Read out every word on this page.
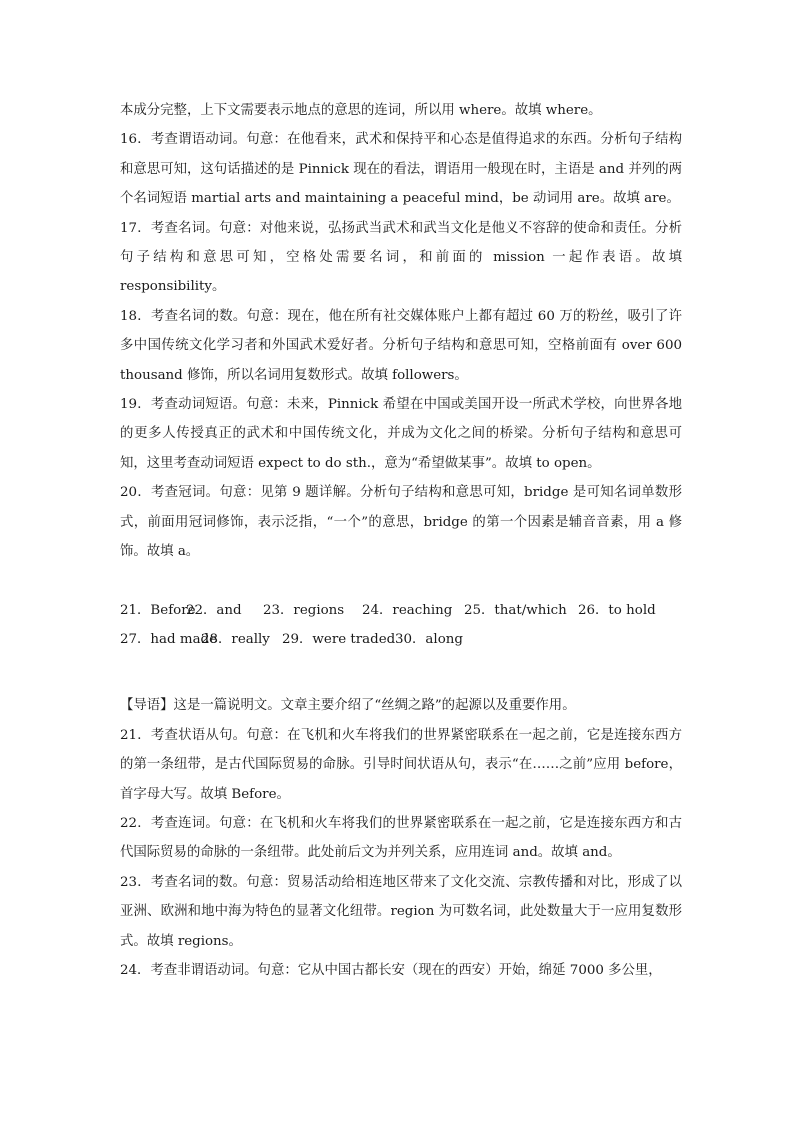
本成分完整，上下文需要表示地点的意思的连词，所以用 where。故填 where。

16．考查谓语动词。句意：在他看来，武术和保持平和心态是值得追求的东西。分析句子结构和意思可知，这句话描述的是 Pinnick 现在的看法，谓语用一般现在时，主语是 and 并列的两个名词短语 martial arts and maintaining a peaceful mind，be 动词用 are。故填 are。

17．考查名词。句意：对他来说，弘扬武当武术和武当文化是他义不容辞的使命和责任。分析句子结构和意思可知，空格处需要名词，和前面的 mission 一起作表语。故填 responsibility。

18．考查名词的数。句意：现在，他在所有社交媒体账户上都有超过 60 万的粉丝，吸引了许多中国传统文化学习者和外国武术爱好者。分析句子结构和意思可知，空格前面有 over 600 thousand 修饰，所以名词用复数形式。故填 followers。

19．考查动词短语。句意：未来，Pinnick 希望在中国或美国开设一所武术学校，向世界各地的更多人传授真正的武术和中国传统文化，并成为文化之间的桥梁。分析句子结构和意思可知，这里考查动词短语 expect to do sth.，意为“希望做某事”。故填 to open。

20．考查冠词。句意：见第 9 题详解。分析句子结构和意思可知，bridge 是可知名词单数形式，前面用冠词修饰，表示泛指，“一个”的意思，bridge 的第一个因素是辅音音素，用 a 修饰。故填 a。

21．Before
22．and	23．regions	24．reaching 25．that/which 26．to hold
27．had made
28．really 29．were traded 30．along

【导语】这是一篇说明文。文章主要介绍了“丝绸之路”的起源以及重要作用。

21．考查状语从句。句意：在飞机和火车将我们的世界紧密联系在一起之前，它是连接东西方的第一条纽带，是古代国际贸易的命脉。引导时间状语从句，表示“在……之前”应用 before，首字母大写。故填 Before。

22．考查连词。句意：在飞机和火车将我们的世界紧密联系在一起之前，它是连接东西方和古代国际贸易的命脉的一条纽带。此处前后文为并列关系，应用连词 and。故填 and。

23．考查名词的数。句意：贸易活动给相连地区带来了文化交流、宗教传播和对比，形成了以亚洲、欧洲和地中海为特色的显著文化纽带。region 为可数名词，此处数量大于一应用复数形式。故填 regions。

24．考查非谓语动词。句意：它从中国古都长安（现在的西安）开始，绵延 7000 多公里，
